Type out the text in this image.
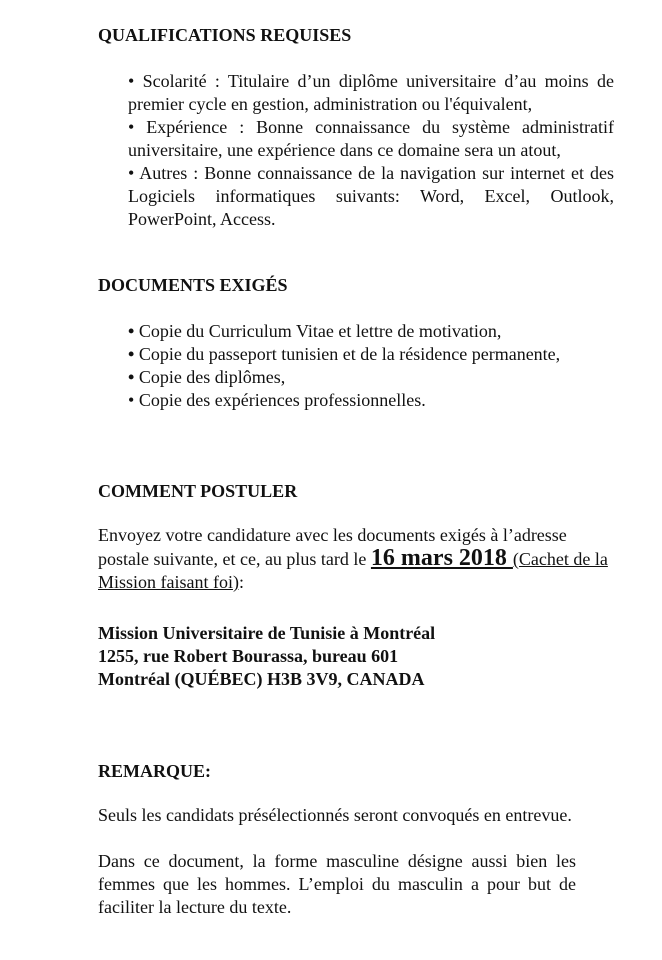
QUALIFICATIONS REQUISES

• Scolarité : Titulaire d’un diplôme universitaire d’au moins de premier cycle en gestion, administration ou l'équivalent,

• Expérience : Bonne connaissance du système administratif universitaire, une expérience dans ce domaine sera un atout,

• Autres : Bonne connaissance de la navigation sur internet et des Logiciels informatiques suivants: Word, Excel, Outlook, PowerPoint, Access.

DOCUMENTS EXIGÉS

• Copie du Curriculum Vitae et lettre de motivation,

• Copie du passeport tunisien et de la résidence permanente,

• Copie des diplômes,

• Copie des expériences professionnelles.

COMMENT POSTULER

Envoyez votre candidature avec les documents exigés à l’adresse postale suivante, et ce, au plus tard le 16 mars 2018 (Cachet de la Mission faisant foi):

Mission Universitaire de Tunisie à Montréal

1255, rue Robert Bourassa, bureau 601

Montréal (QUÉBEC) H3B 3V9, CANADA

REMARQUE:
Seuls les candidats présélectionnés seront convoqués en entrevue.
Dans ce document, la forme masculine désigne aussi bien les femmes que les hommes. L’emploi du masculin a pour but de faciliter la lecture du texte.
